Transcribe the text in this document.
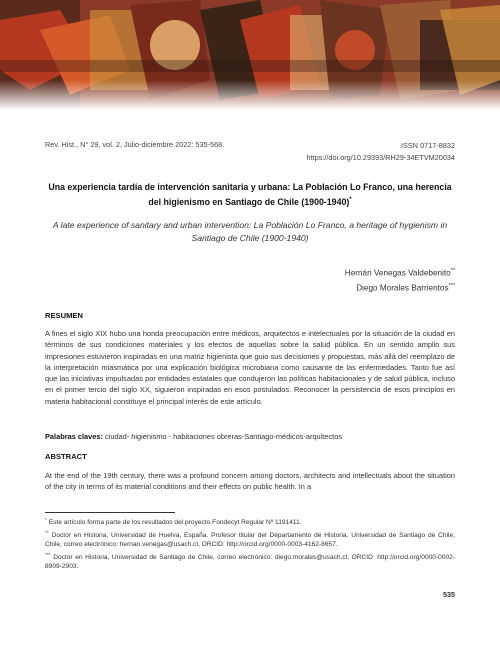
Rev. Hist., N° 29, vol. 2, Julio-diciembre 2022: 535-568.	ISSN 0717-8832
https://doi.org/10.29393/RH29-34ETVM20034
Una experiencia tardía de intervención sanitaria y urbana: La Población Lo Franco, una herencia del higienismo en Santiago de Chile (1900-1940)*
A late experience of sanitary and urban intervention: La Población Lo Franco, a heritage of hygienism in Santiago de Chile (1900-1940)
Hernán Venegas Valdebenito**
Diego Morales Barrientos***
RESUMEN
A fines el siglo XIX hubo una honda preocupación entre médicos, arquitectos e intelectuales por la situación de la ciudad en términos de sus condiciones materiales y los efectos de aquellas sobre la salud pública. En un sentido amplio sus impresiones estuvieron inspiradas en una matriz higienista que guio sus decisiones y propuestas, más allá del reemplazo de la interpretación miasmática por una explicación biológica microbiana como causante de las enfermedades. Tanto fue así que las iniciativas impulsadas por entidades estatales que condujeron las políticas habitacionales y de salud pública, incluso en el primer tercio del siglo XX, siguieron inspiradas en esos postulados. Reconocer la persistencia de esos principios en materia habitacional constituye el principal interés de este artículo.
Palabras claves: ciudad- higienismo - habitaciones obreras-Santiago-médicos-arquitectos
ABSTRACT
At the end of the 19th century, there was a profound concern among doctors, architects and intellectuals about the situation of the city in terms of its material conditions and their effects on public health. In a

* Este artículo forma parte de los resultados del proyecto Fondecyt Regular Nº 1191411.

** Doctor en Historia, Universidad de Huelva, España. Profesor titular del Departamento de Historia. Universidad de Santiago de Chile, Chile, correo electrónico: hernan.venegas@usach.cl, ORCID: http://orcid.org/0000-0003-4162-8657.

*** Doctor en Historia, Universidad de Santiago de Chile, correo electrónico: diego.morales@usach.cl, ORCID: http://orcid.org/0000-0002-8909-2903.

535
